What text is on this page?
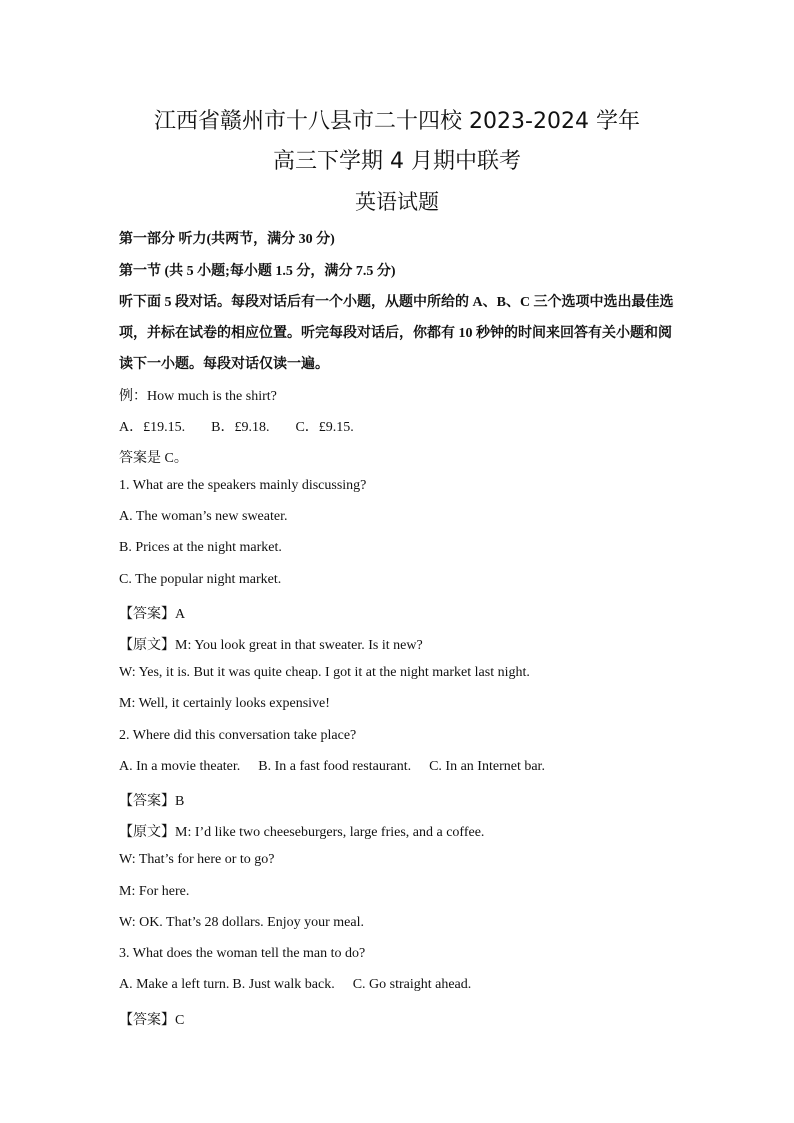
江西省赣州市十八县市二十四校 2023-2024 学年
高三下学期 4 月期中联考
英语试题
第一部分 听力(共两节，满分 30 分)
第一节 (共 5 小题;每小题 1.5 分，满分 7.5 分)
听下面 5 段对话。每段对话后有一个小题，从题中所给的 A、B、C 三个选项中选出最佳选
项，并标在试卷的相应位置。听完每段对话后，你都有 10 秒钟的时间来回答有关小题和阅
读下一小题。每段对话仅读一遍。
例：How much is the shirt?
A．£19.15. B．£9.18. C．£9.15.
答案是 C。
1. What are the speakers mainly discussing?
A. The woman’s new sweater.
B. Prices at the night market.
C. The popular night market.
【答案】A
【原文】M: You look great in that sweater. Is it new?
W: Yes, it is. But it was quite cheap. I got it at the night market last night.
M: Well, it certainly looks expensive!
2. Where did this conversation take place?
A. In a movie theater. B. In a fast food restaurant. C. In an Internet bar.
【答案】B
【原文】M: I’d like two cheeseburgers, large fries, and a coffee.
W: That’s for here or to go?
M: For here.
W: OK. That’s 28 dollars. Enjoy your meal.
3. What does the woman tell the man to do?
A. Make a left turn. B. Just walk back. C. Go straight ahead.
【答案】C
